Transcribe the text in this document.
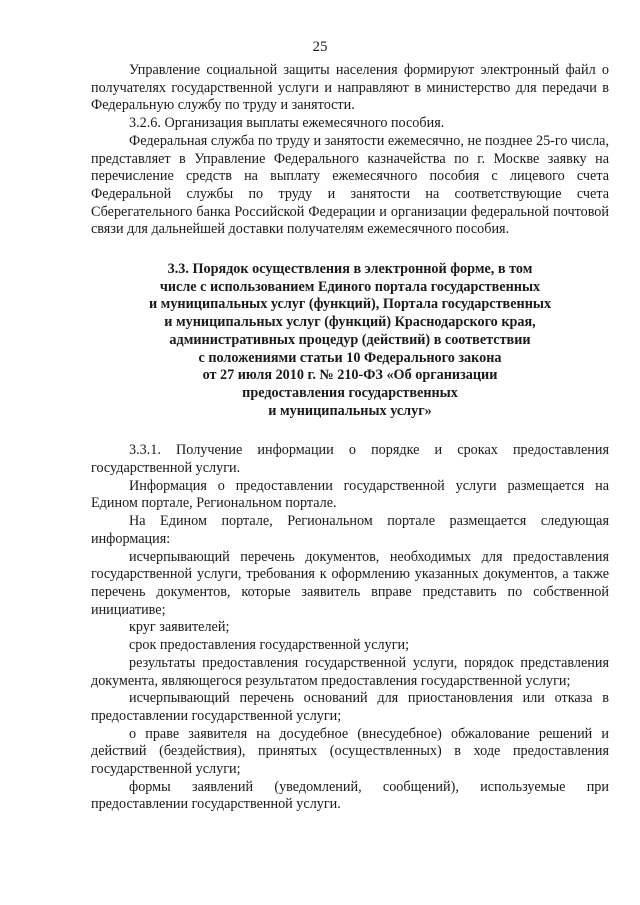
25

Управление социальной защиты населения формируют электронный файл о получателях государственной услуги и направляют в министерство для передачи в Федеральную службу по труду и занятости.

3.2.6. Организация выплаты ежемесячного пособия.

Федеральная служба по труду и занятости ежемесячно, не позднее 25-го числа, представляет в Управление Федерального казначейства по г. Москве заявку на перечисление средств на выплату ежемесячного пособия с лицевого счета Федеральной службы по труду и занятости на соответствующие счета Сберегательного банка Российской Федерации и организации федеральной почтовой связи для дальнейшей доставки получателям ежемесячного пособия.

3.3. Порядок осуществления в электронной форме, в том
числе с использованием Единого портала государственных
и муниципальных услуг (функций), Портала государственных
и муниципальных услуг (функций) Краснодарского края,
административных процедур (действий) в соответствии
с положениями статьи 10 Федерального закона
от 27 июля 2010 г. № 210-ФЗ «Об организации
предоставления государственных
и муниципальных услуг»

3.3.1. Получение информации о порядке и сроках предоставления государственной услуги.

Информация о предоставлении государственной услуги размещается на Едином портале, Региональном портале.

На Едином портале, Региональном портале размещается следующая информация:

исчерпывающий перечень документов, необходимых для предоставления государственной услуги, требования к оформлению указанных документов, а также перечень документов, которые заявитель вправе представить по собственной инициативе;

круг заявителей;

срок предоставления государственной услуги;

результаты предоставления государственной услуги, порядок представления документа, являющегося результатом предоставления государственной услуги;

исчерпывающий перечень оснований для приостановления или отказа в предоставлении государственной услуги;

о праве заявителя на досудебное (внесудебное) обжалование решений и действий (бездействия), принятых (осуществленных) в ходе предоставления государственной услуги;

формы заявлений (уведомлений, сообщений), используемые при предоставлении государственной услуги.
